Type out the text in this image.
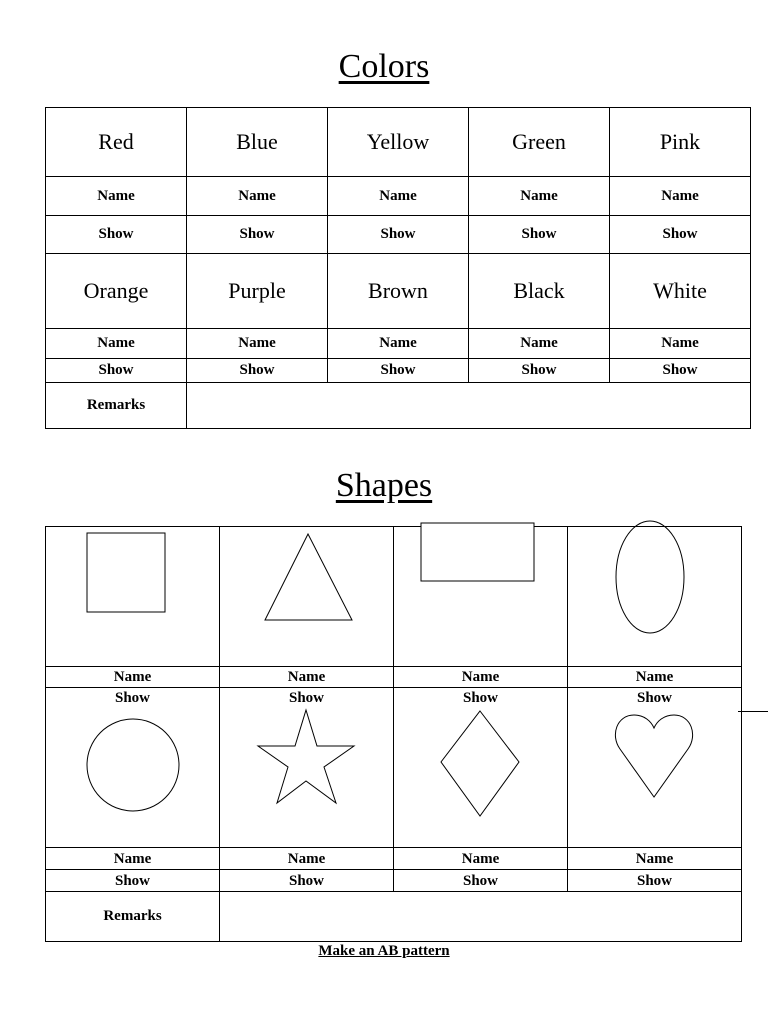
Colors
Red	Blue	Yellow	Green	Pink
Name	Name	Name	Name	Name
Show	Show	Show	Show	Show
Orange	Purple	Brown	Black	White
Name	Name	Name	Name	Name
Show	Show	Show	Show	Show
Remarks				
Shapes

Name	Name	Name	Name

Show	Show	Show	Show

Name	Name	Name	Name
Show	Show	Show	Show
Remarks			
Make an AB pattern
